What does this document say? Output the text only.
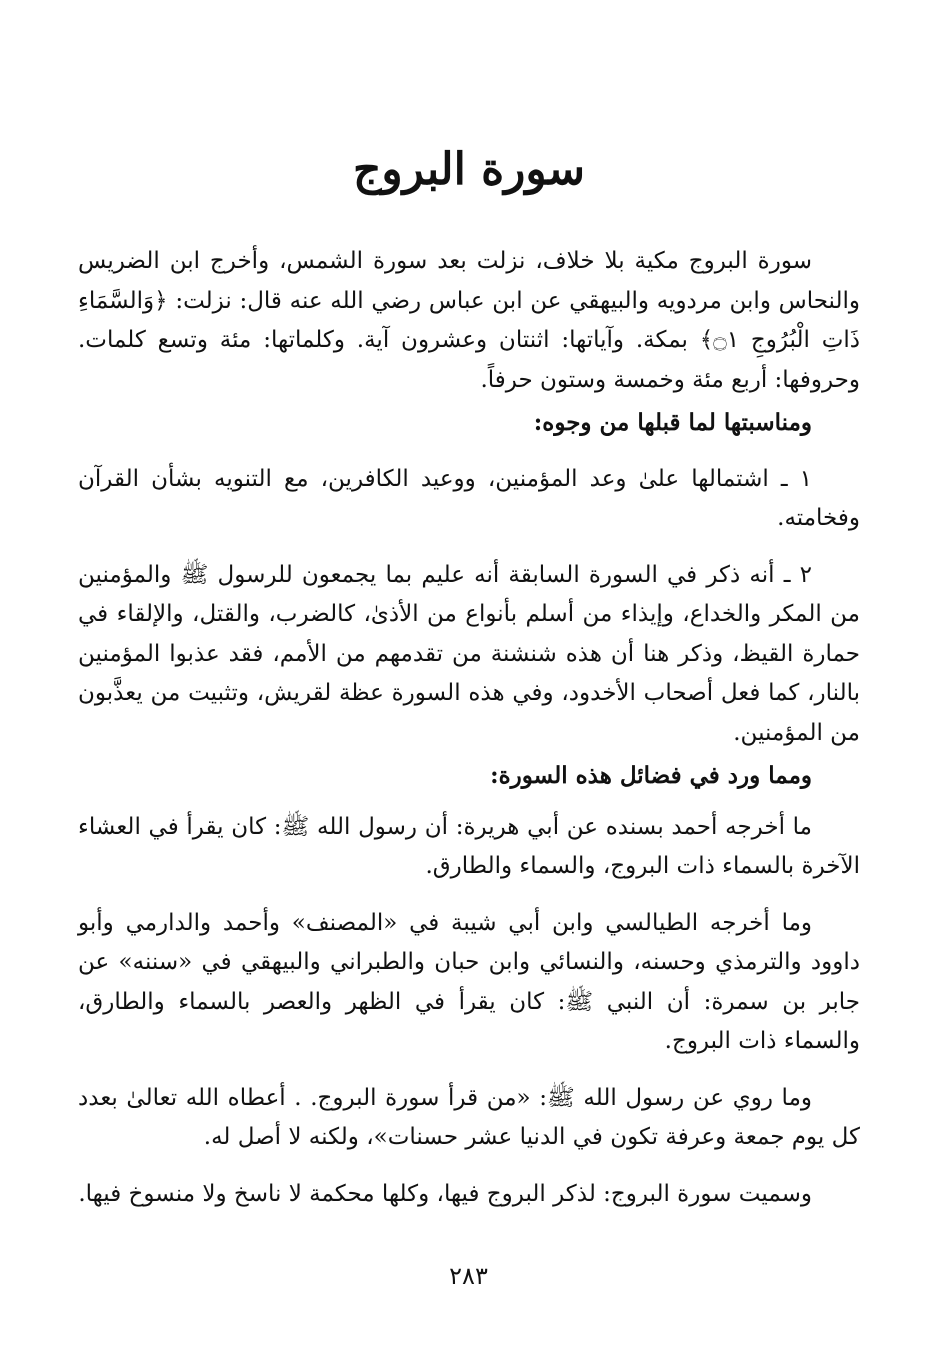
سورة البروج

سورة البروج مكية بلا خلاف، نزلت بعد سورة الشمس، وأخرج ابن الضريس والنحاس وابن مردويه والبيهقي عن ابن عباس رضي الله عنه قال: نزلت: ﴿وَالسَّمَاءِ ذَاتِ الْبُرُوجِ ۝١﴾ بمكة. وآياتها: اثنتان وعشرون آية. وكلماتها: مئة وتسع كلمات. وحروفها: أربع مئة وخمسة وستون حرفاً.

ومناسبتها لما قبلها من وجوه:

١ ـ اشتمالها علىٰ وعد المؤمنين، ووعيد الكافرين، مع التنويه بشأن القرآن وفخامته.

٢ ـ أنه ذكر في السورة السابقة أنه عليم بما يجمعون للرسول ﷺ والمؤمنين من المكر والخداع، وإيذاء من أسلم بأنواع من الأذىٰ، كالضرب، والقتل، والإلقاء في حمارة القيظ، وذكر هنا أن هذه شنشنة من تقدمهم من الأمم، فقد عذبوا المؤمنين بالنار، كما فعل أصحاب الأخدود، وفي هذه السورة عظة لقريش، وتثبيت من يعذَّبون من المؤمنين.

ومما ورد في فضائل هذه السورة:

ما أخرجه أحمد بسنده عن أبي هريرة: أن رسول الله ﷺ: كان يقرأ في العشاء الآخرة بالسماء ذات البروج، والسماء والطارق.

وما أخرجه الطيالسي وابن أبي شيبة في «المصنف» وأحمد والدارمي وأبو داوود والترمذي وحسنه، والنسائي وابن حبان والطبراني والبيهقي في «سننه» عن جابر بن سمرة: أن النبي ﷺ: كان يقرأ في الظهر والعصر بالسماء والطارق، والسماء ذات البروج.

وما روي عن رسول الله ﷺ: «من قرأ سورة البروج. . أعطاه الله تعالىٰ بعدد كل يوم جمعة وعرفة تكون في الدنيا عشر حسنات»، ولكنه لا أصل له.

وسميت سورة البروج: لذكر البروج فيها، وكلها محكمة لا ناسخ ولا منسوخ فيها.

٢٨٣
